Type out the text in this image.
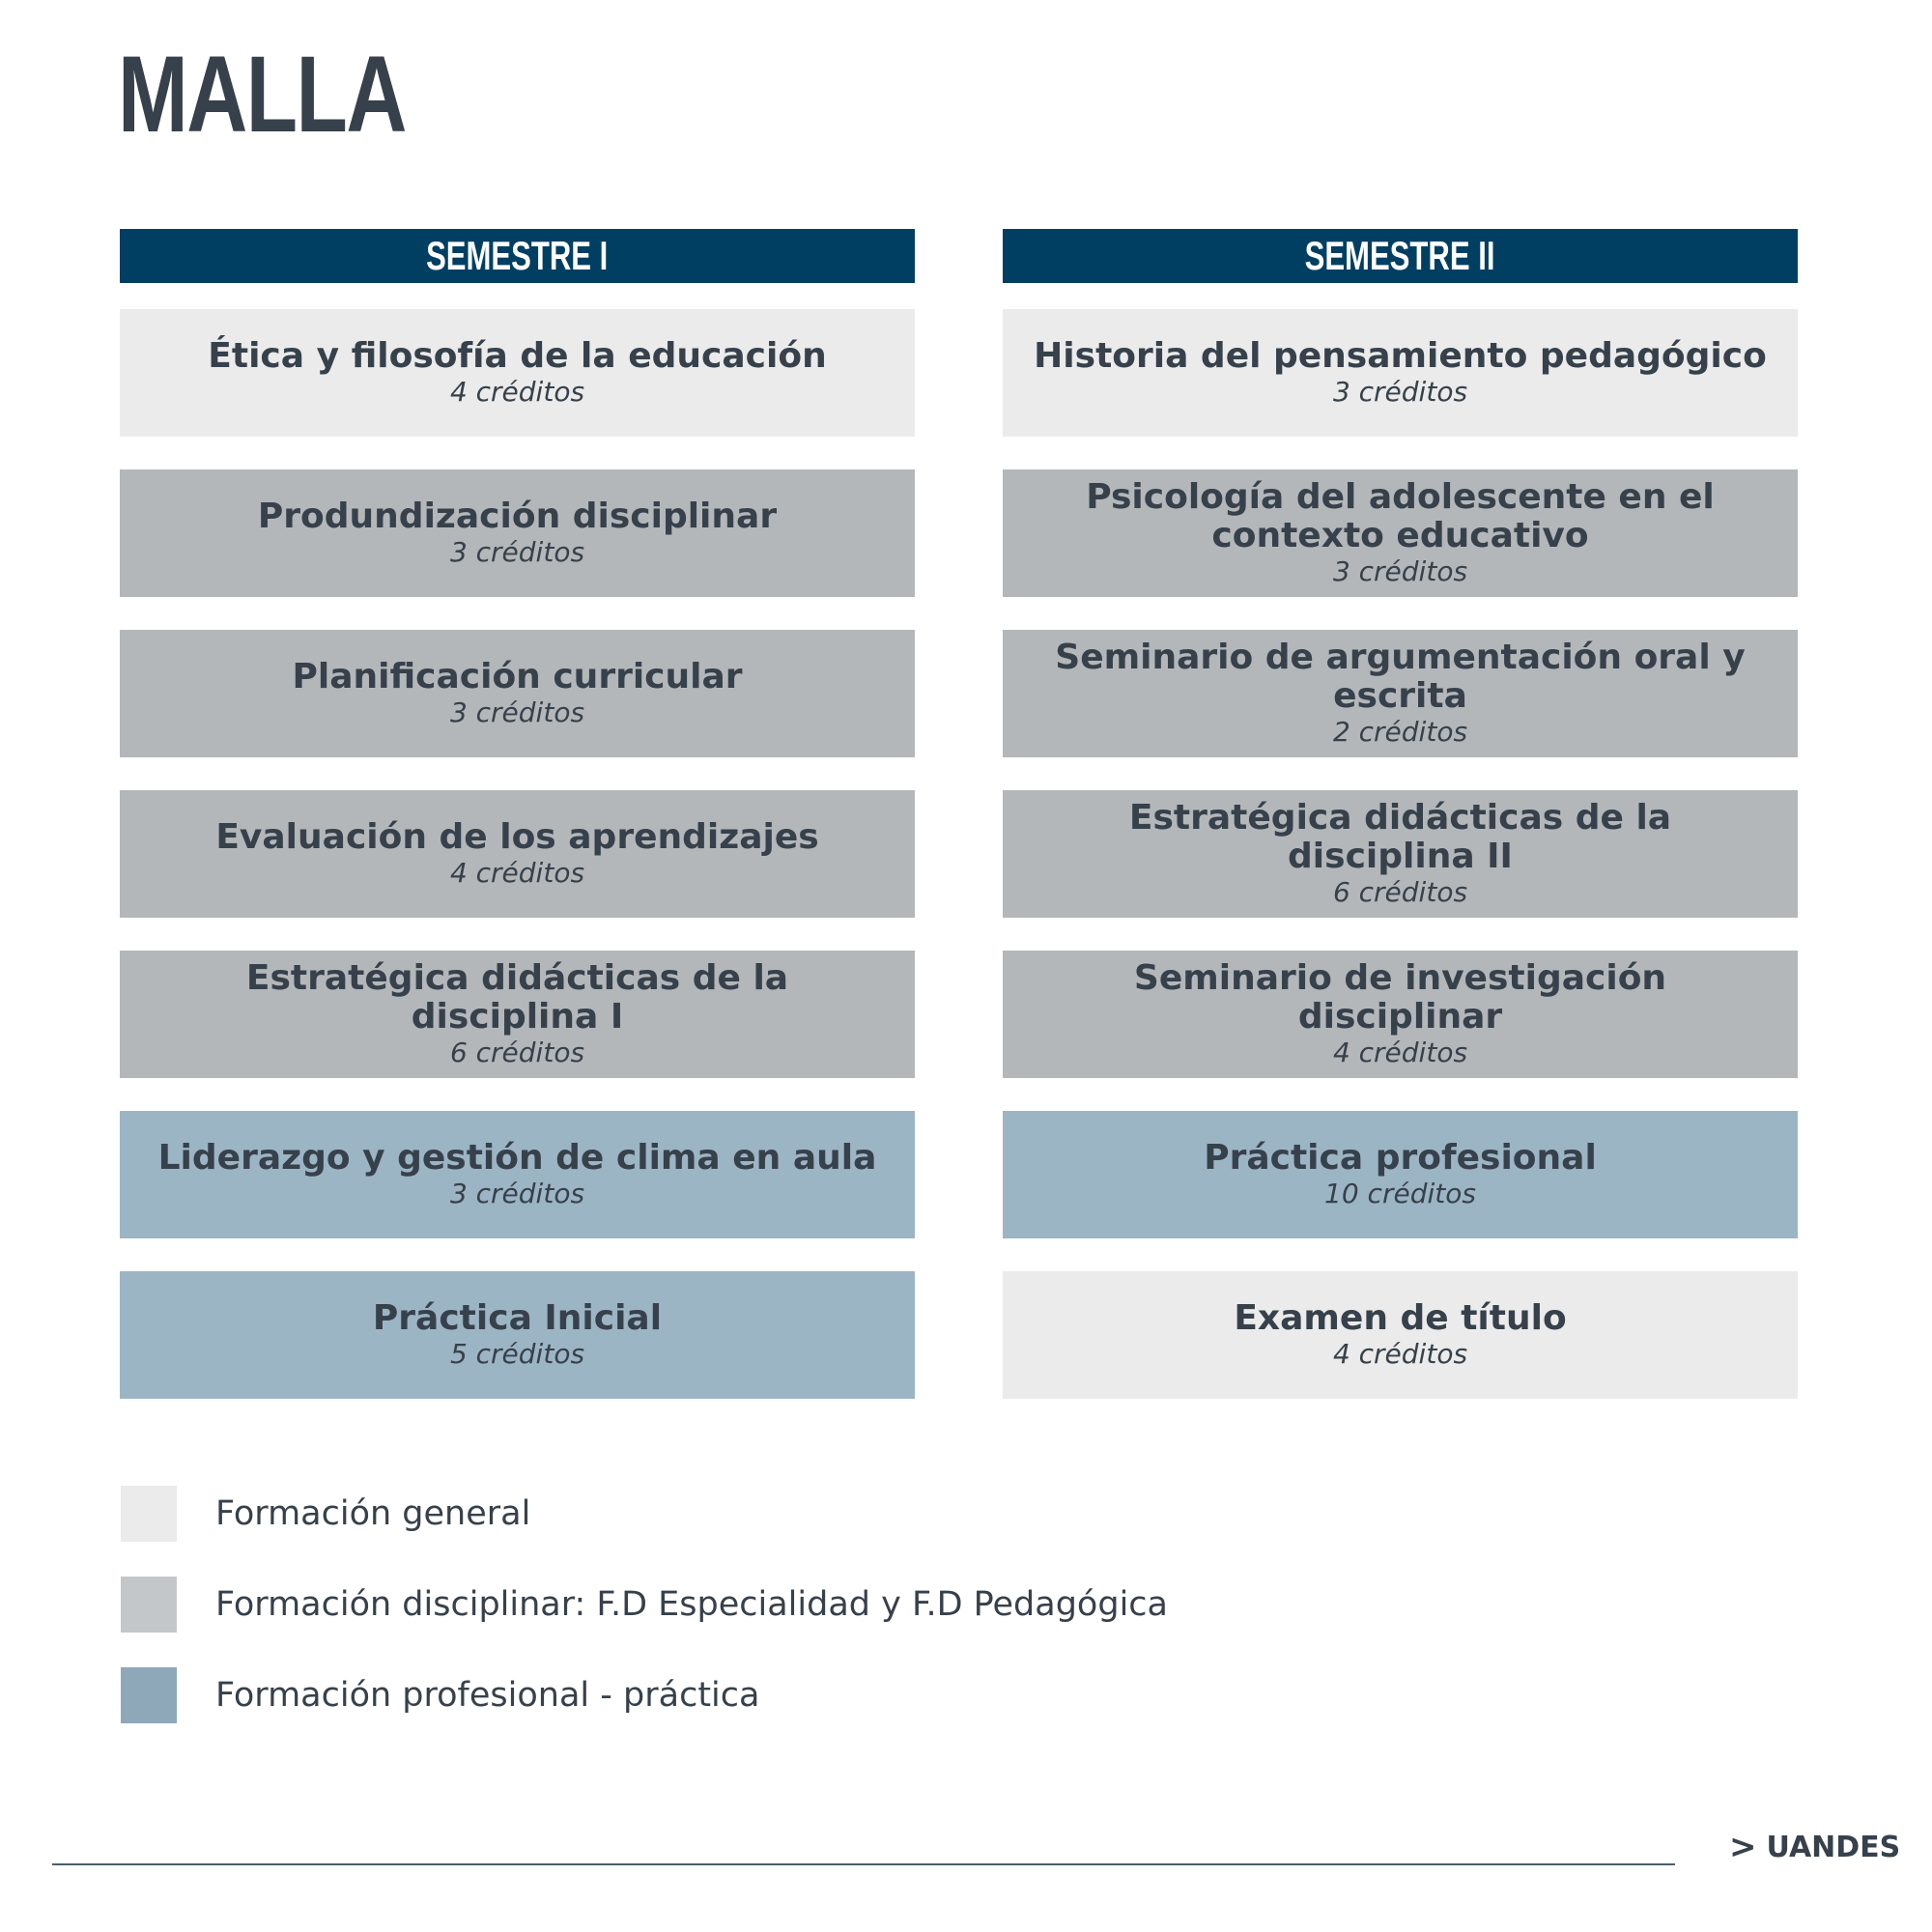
MALLA
SEMESTRE I
Ética y filosofía de la educación
4 créditos
Produndización disciplinar
3 créditos
Planificación curricular
3 créditos
Evaluación de los aprendizajes
4 créditos
Estratégica didácticas de la disciplina I
6 créditos
Liderazgo y gestión de clima en aula
3 créditos
Práctica Inicial
5 créditos
SEMESTRE II
Historia del pensamiento pedagógico
3 créditos
Psicología del adolescente en el contexto educativo
3 créditos
Seminario de argumentación oral y escrita
2 créditos
Estratégica didácticas de la disciplina II
6 créditos
Seminario de investigación disciplinar
4 créditos
Práctica profesional
10 créditos
Examen de título
4 créditos
Formación general
Formación disciplinar: F.D Especialidad y F.D Pedagógica
Formación profesional - práctica
> UANDES
